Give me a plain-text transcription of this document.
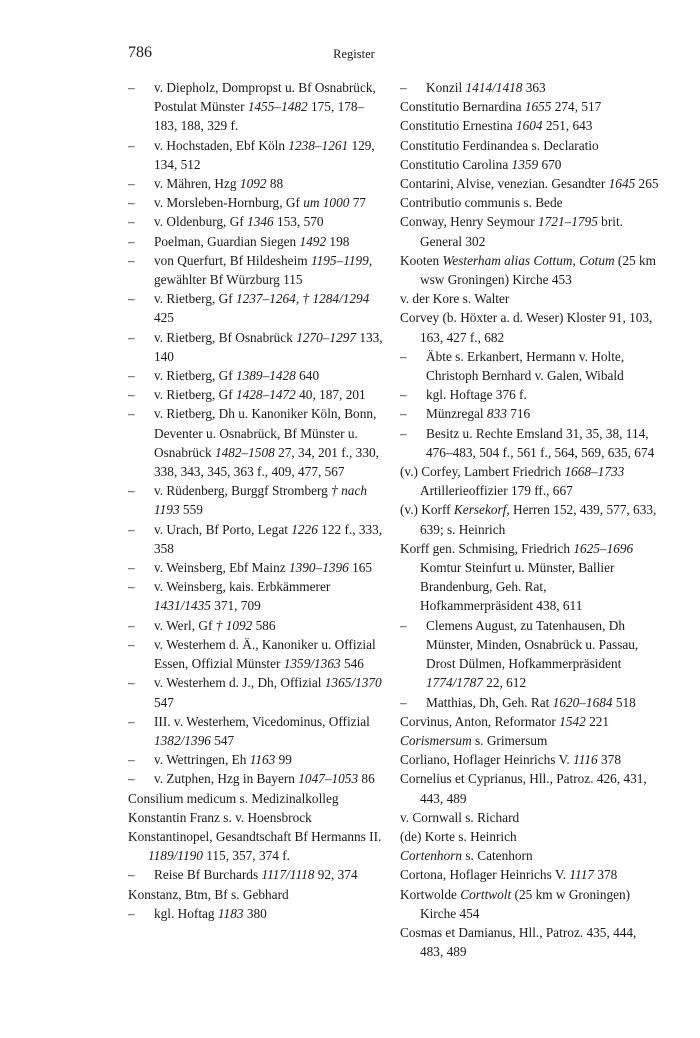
786	Register

– v. Diepholz, Dompropst u. Bf Osnabrück, Postulat Münster 1455–1482 175, 178–183, 188, 329 f.

– v. Hochstaden, Ebf Köln 1238–1261 129, 134, 512

– v. Mähren, Hzg 1092 88

– v. Morsleben-Hornburg, Gf um 1000 77

– v. Oldenburg, Gf 1346 153, 570

– Poelman, Guardian Siegen 1492 198

– von Querfurt, Bf Hildesheim 1195–1199, gewählter Bf Würzburg 115

– v. Rietberg, Gf 1237–1264, † 1284/1294 425

– v. Rietberg, Bf Osnabrück 1270–1297 133, 140

– v. Rietberg, Gf 1389–1428 640

– v. Rietberg, Gf 1428–1472 40, 187, 201

– v. Rietberg, Dh u. Kanoniker Köln, Bonn, Deventer u. Osnabrück, Bf Münster u. Osnabrück 1482–1508 27, 34, 201 f., 330, 338, 343, 345, 363 f., 409, 477, 567

– v. Rüdenberg, Burggf Stromberg † nach 1193 559

– v. Urach, Bf Porto, Legat 1226 122 f., 333, 358

– v. Weinsberg, Ebf Mainz 1390–1396 165

– v. Weinsberg, kais. Erbkämmerer 1431/1435 371, 709

– v. Werl, Gf † 1092 586

– v. Westerhem d. Ä., Kanoniker u. Offizial Essen, Offizial Münster 1359/1363 546

– v. Westerhem d. J., Dh, Offizial 1365/1370 547

– III. v. Westerhem, Vicedominus, Offizial 1382/1396 547

– v. Wettringen, Eh 1163 99

– v. Zutphen, Hzg in Bayern 1047–1053 86

Consilium medicum s. Medizinalkolleg

Konstantin Franz s. v. Hoensbrock

Konstantinopel, Gesandtschaft Bf Hermanns II. 1189/1190 115, 357, 374 f.

– Reise Bf Burchards 1117/1118 92, 374

Konstanz, Btm, Bf s. Gebhard

– kgl. Hoftag 1183 380

– Konzil 1414/1418 363

Constitutio Bernardina 1655 274, 517

Constitutio Ernestina 1604 251, 643

Constitutio Ferdinandea s. Declaratio

Constitutio Carolina 1359 670

Contarini, Alvise, venezian. Gesandter 1645 265

Contributio communis s. Bede

Conway, Henry Seymour 1721–1795 brit. General 302

Kooten Westerham alias Cottum, Cotum (25 km wsw Groningen) Kirche 453

v. der Kore s. Walter

Corvey (b. Höxter a. d. Weser) Kloster 91, 103, 163, 427 f., 682

– Äbte s. Erkanbert, Hermann v. Holte, Christoph Bernhard v. Galen, Wibald

– kgl. Hoftage 376 f.

– Münzregal 833 716

– Besitz u. Rechte Emsland 31, 35, 38, 114, 476–483, 504 f., 561 f., 564, 569, 635, 674

(v.) Corfey, Lambert Friedrich 1668–1733 Artillerieoffizier 179 ff., 667

(v.) Korff Kersekorf, Herren 152, 439, 577, 633, 639; s. Heinrich

Korff gen. Schmising, Friedrich 1625–1696 Komtur Steinfurt u. Münster, Ballier Brandenburg, Geh. Rat, Hofkammerpräsident 438, 611

– Clemens August, zu Tatenhausen, Dh Münster, Minden, Osnabrück u. Passau, Drost Dülmen, Hofkammerpräsident 1774/1787 22, 612

– Matthias, Dh, Geh. Rat 1620–1684 518

Corvinus, Anton, Reformator 1542 221

Corismersum s. Grimersum

Corliano, Hoflager Heinrichs V. 1116 378

Cornelius et Cyprianus, Hll., Patroz. 426, 431, 443, 489

v. Cornwall s. Richard

(de) Korte s. Heinrich

Cortenhorn s. Catenhorn

Cortona, Hoflager Heinrichs V. 1117 378

Kortwolde Corttwolt (25 km w Groningen) Kirche 454

Cosmas et Damianus, Hll., Patroz. 435, 444, 483, 489
